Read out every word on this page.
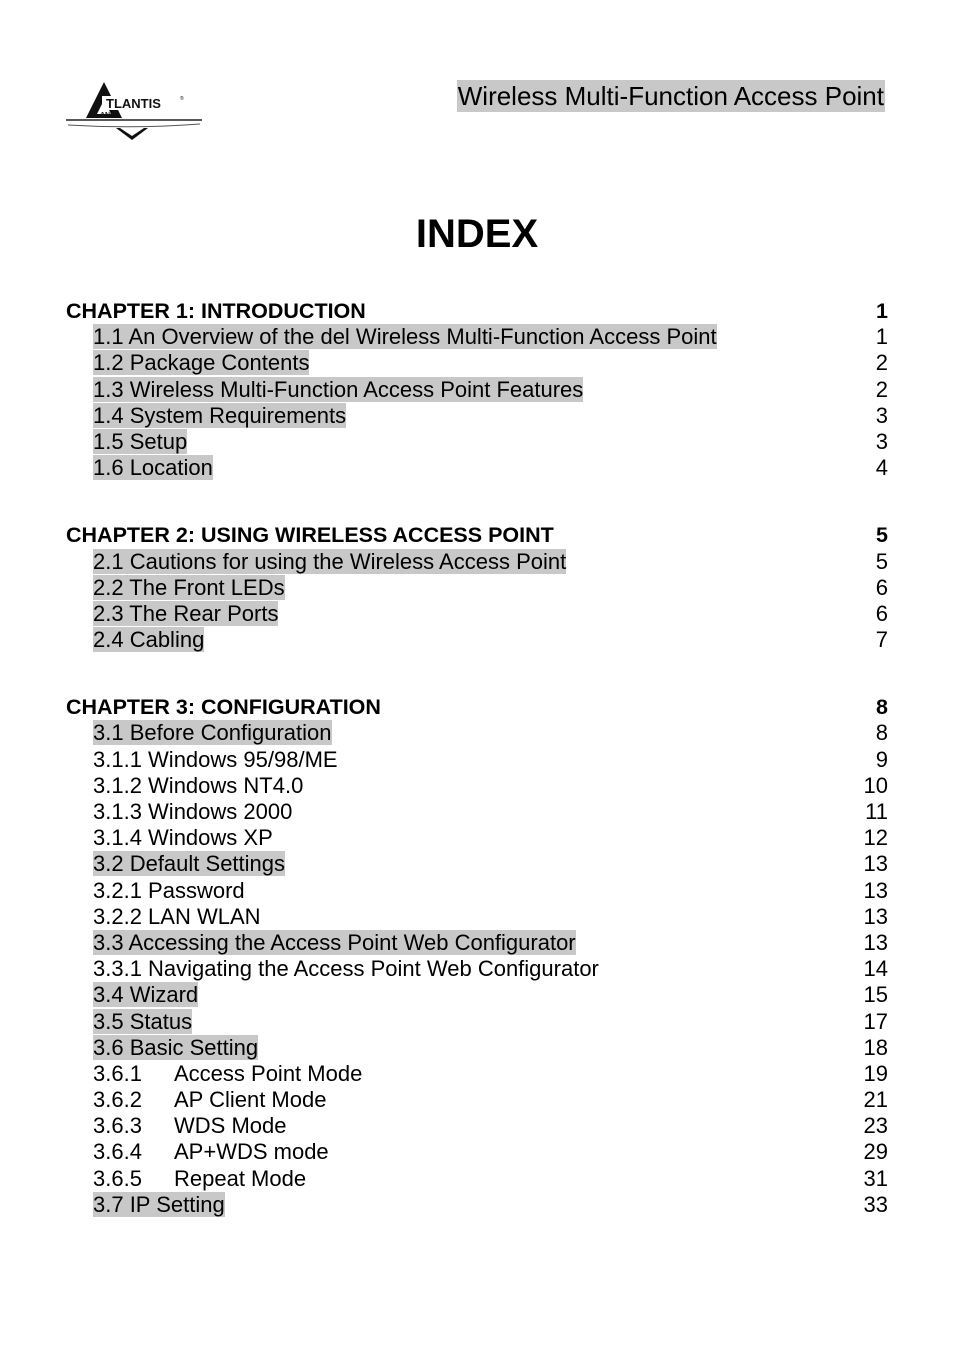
TLANTIS	®
AND
Wireless Multi-Function Access Point
INDEX
CHAPTER 1: INTRODUCTION	1
1.1 An Overview of the del Wireless Multi-Function Access Point	1
1.2 Package Contents	2
1.3 Wireless Multi-Function Access Point Features	2
1.4 System Requirements	3
1.5 Setup	3
1.6 Location	4
CHAPTER 2: USING WIRELESS ACCESS POINT	5
2.1 Cautions for using the Wireless Access Point	5
2.2 The Front LEDs	6
2.3 The Rear Ports	6
2.4 Cabling	7
CHAPTER 3: CONFIGURATION	8
3.1 Before Configuration	8
3.1.1 Windows 95/98/ME	9
3.1.2 Windows NT4.0	10
3.1.3 Windows 2000	11
3.1.4 Windows XP	12
3.2 Default Settings	13
3.2.1 Password	13
3.2.2 LAN WLAN	13
3.3 Accessing the Access Point Web Configurator	13
3.3.1 Navigating the Access Point Web Configurator	14
3.4 Wizard	15
3.5 Status	17
3.6 Basic Setting	18
3.6.1 Access Point Mode	19
3.6.2 AP Client Mode	21
3.6.3 WDS Mode	23
3.6.4 AP+WDS mode	29
3.6.5 Repeat Mode	31
3.7 IP Setting	33
